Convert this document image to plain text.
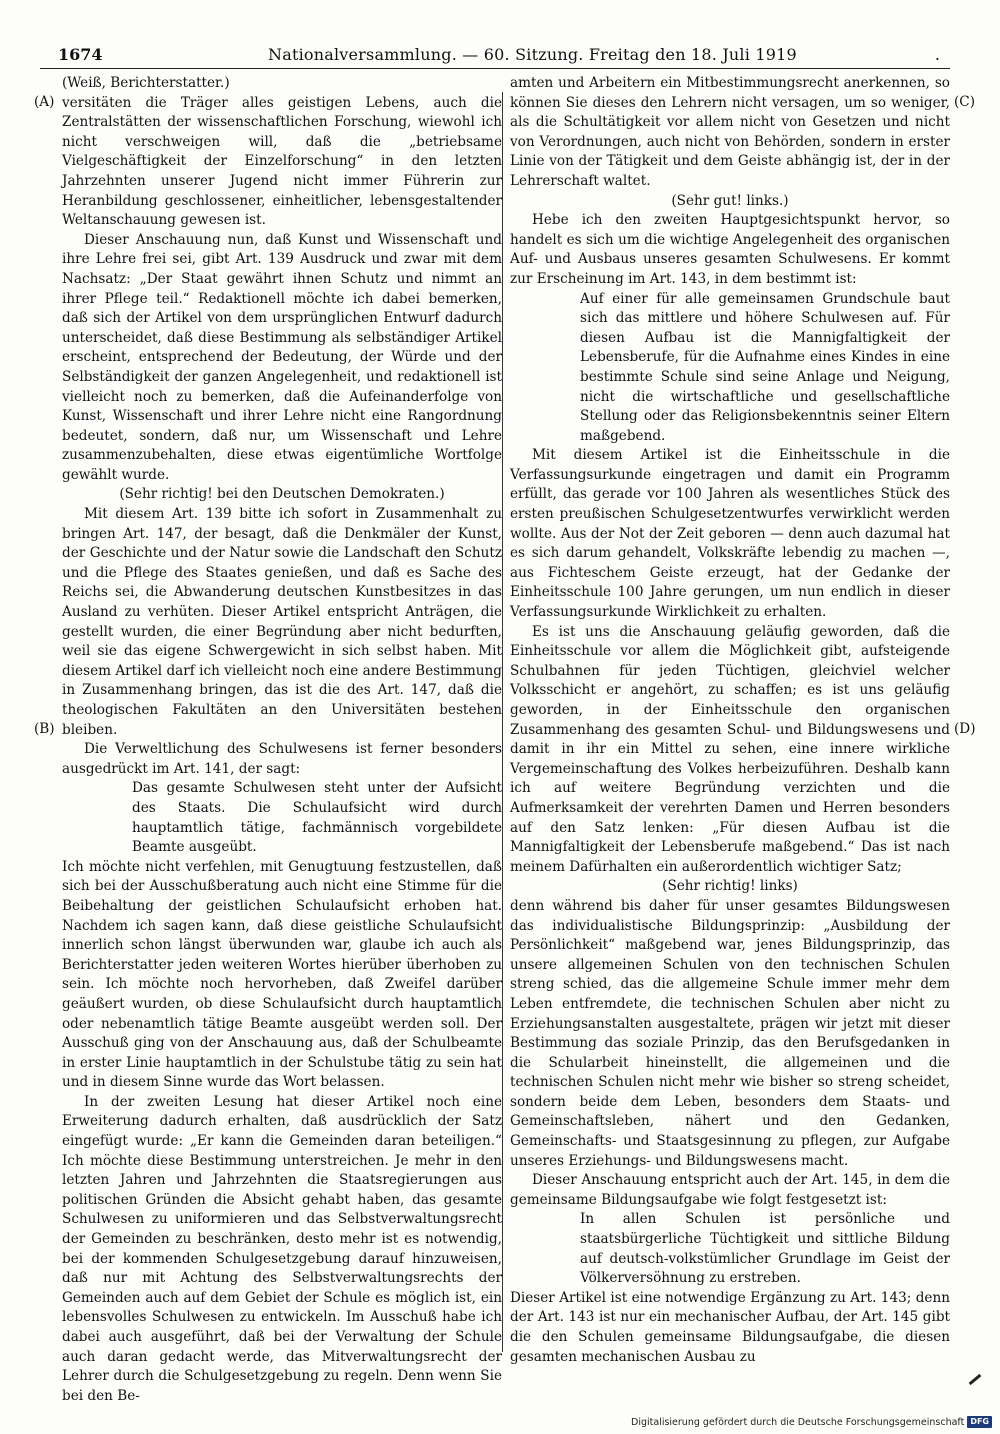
1674	Nationalversammlung. — 60. Sitzung. Freitag den 18. Juli 1919	.
(A)
(B)
(C)
(D)

(Weiß, Berichterstatter.)

versitäten die Träger alles geistigen Lebens, auch die Zentralstätten der wissenschaftlichen Forschung, wiewohl ich nicht verschweigen will, daß die „betriebsame Vielgeschäftigkeit der Einzelforschung“ in den letzten Jahrzehnten unserer Jugend nicht immer Führerin zur Heranbildung geschlossener, einheitlicher, lebensgestaltender Weltanschauung gewesen ist.

Dieser Anschauung nun, daß Kunst und Wissenschaft und ihre Lehre frei sei, gibt Art. 139 Ausdruck und zwar mit dem Nachsatz: „Der Staat gewährt ihnen Schutz und nimmt an ihrer Pflege teil.“ Redaktionell möchte ich dabei bemerken, daß sich der Artikel von dem ursprünglichen Entwurf dadurch unterscheidet, daß diese Bestimmung als selbständiger Artikel erscheint, entsprechend der Bedeutung, der Würde und der Selbständigkeit der ganzen Angelegenheit, und redaktionell ist vielleicht noch zu bemerken, daß die Aufeinanderfolge von Kunst, Wissenschaft und ihrer Lehre nicht eine Rangordnung bedeutet, sondern, daß nur, um Wissenschaft und Lehre zusammenzubehalten, diese etwas eigentümliche Wortfolge gewählt wurde.

(Sehr richtig! bei den Deutschen Demokraten.)

Mit diesem Art. 139 bitte ich sofort in Zusammenhalt zu bringen Art. 147, der besagt, daß die Denkmäler der Kunst, der Geschichte und der Natur sowie die Landschaft den Schutz und die Pflege des Staates genießen, und daß es Sache des Reichs sei, die Abwanderung deutschen Kunstbesitzes in das Ausland zu verhüten. Dieser Artikel entspricht Anträgen, die gestellt wurden, die einer Begründung aber nicht bedurften, weil sie das eigene Schwergewicht in sich selbst haben. Mit diesem Artikel darf ich vielleicht noch eine andere Bestimmung in Zusammenhang bringen, das ist die des Art. 147, daß die theologischen Fakultäten an den Universitäten bestehen bleiben.

Die Verweltlichung des Schulwesens ist ferner besonders ausgedrückt im Art. 141, der sagt:

Das gesamte Schulwesen steht unter der Aufsicht des Staats. Die Schulaufsicht wird durch hauptamtlich tätige, fachmännisch vorgebildete Beamte ausgeübt.

Ich möchte nicht verfehlen, mit Genugtuung festzustellen, daß sich bei der Ausschußberatung auch nicht eine Stimme für die Beibehaltung der geistlichen Schulaufsicht erhoben hat. Nachdem ich sagen kann, daß diese geistliche Schulaufsicht innerlich schon längst überwunden war, glaube ich auch als Berichterstatter jeden weiteren Wortes hierüber überhoben zu sein. Ich möchte noch hervorheben, daß Zweifel darüber geäußert wurden, ob diese Schulaufsicht durch hauptamtlich oder nebenamtlich tätige Beamte ausgeübt werden soll. Der Ausschuß ging von der Anschauung aus, daß der Schulbeamte in erster Linie hauptamtlich in der Schulstube tätig zu sein hat und in diesem Sinne wurde das Wort belassen.

In der zweiten Lesung hat dieser Artikel noch eine Erweiterung dadurch erhalten, daß ausdrücklich der Satz eingefügt wurde: „Er kann die Gemeinden daran beteiligen.“ Ich möchte diese Bestimmung unterstreichen. Je mehr in den letzten Jahren und Jahrzehnten die Staatsregierungen aus politischen Gründen die Absicht gehabt haben, das gesamte Schulwesen zu uniformieren und das Selbstverwaltungsrecht der Gemeinden zu beschränken, desto mehr ist es notwendig, bei der kommenden Schulgesetzgebung darauf hinzuweisen, daß nur mit Achtung des Selbstverwaltungsrechts der Gemeinden auch auf dem Gebiet der Schule es möglich ist, ein lebensvolles Schulwesen zu entwickeln. Im Ausschuß habe ich dabei auch ausgeführt, daß bei der Verwaltung der Schule auch daran gedacht werde, das Mitverwaltungsrecht der Lehrer durch die Schulgesetzgebung zu regeln. Denn wenn Sie bei den Be-

amten und Arbeitern ein Mitbestimmungsrecht anerkennen, so können Sie dieses den Lehrern nicht versagen, um so weniger, als die Schultätigkeit vor allem nicht von Gesetzen und nicht von Verordnungen, auch nicht von Behörden, sondern in erster Linie von der Tätigkeit und dem Geiste abhängig ist, der in der Lehrerschaft waltet.

(Sehr gut! links.)

Hebe ich den zweiten Hauptgesichtspunkt hervor, so handelt es sich um die wichtige Angelegenheit des organischen Auf- und Ausbaus unseres gesamten Schulwesens. Er kommt zur Erscheinung im Art. 143, in dem bestimmt ist:

Auf einer für alle gemeinsamen Grundschule baut sich das mittlere und höhere Schulwesen auf. Für diesen Aufbau ist die Mannigfaltigkeit der Lebensberufe, für die Aufnahme eines Kindes in eine bestimmte Schule sind seine Anlage und Neigung, nicht die wirtschaftliche und gesellschaftliche Stellung oder das Religionsbekenntnis seiner Eltern maßgebend.

Mit diesem Artikel ist die Einheitsschule in die Verfassungsurkunde eingetragen und damit ein Programm erfüllt, das gerade vor 100 Jahren als wesentliches Stück des ersten preußischen Schulgesetzentwurfes verwirklicht werden wollte. Aus der Not der Zeit geboren — denn auch dazumal hat es sich darum gehandelt, Volkskräfte lebendig zu machen —, aus Fichteschem Geiste erzeugt, hat der Gedanke der Einheitsschule 100 Jahre gerungen, um nun endlich in dieser Verfassungsurkunde Wirklichkeit zu erhalten.

Es ist uns die Anschauung geläufig geworden, daß die Einheitsschule vor allem die Möglichkeit gibt, aufsteigende Schulbahnen für jeden Tüchtigen, gleichviel welcher Volksschicht er angehört, zu schaffen; es ist uns geläufig geworden, in der Einheitsschule den organischen Zusammenhang des gesamten Schul- und Bildungswesens und damit in ihr ein Mittel zu sehen, eine innere wirkliche Vergemeinschaftung des Volkes herbeizuführen. Deshalb kann ich auf weitere Begründung verzichten und die Aufmerksamkeit der verehrten Damen und Herren besonders auf den Satz lenken: „Für diesen Aufbau ist die Mannigfaltigkeit der Lebensberufe maßgebend.“ Das ist nach meinem Dafürhalten ein außerordentlich wichtiger Satz;

(Sehr richtig! links)

denn während bis daher für unser gesamtes Bildungswesen das individualistische Bildungsprinzip: „Ausbildung der Persönlichkeit“ maßgebend war, jenes Bildungsprinzip, das unsere allgemeinen Schulen von den technischen Schulen streng schied, das die allgemeine Schule immer mehr dem Leben entfremdete, die technischen Schulen aber nicht zu Erziehungsanstalten ausgestaltete, prägen wir jetzt mit dieser Bestimmung das soziale Prinzip, das den Berufsgedanken in die Schularbeit hineinstellt, die allgemeinen und die technischen Schulen nicht mehr wie bisher so streng scheidet, sondern beide dem Leben, besonders dem Staats- und Gemeinschaftsleben, nähert und den Gedanken, Gemeinschafts- und Staatsgesinnung zu pflegen, zur Aufgabe unseres Erziehungs- und Bildungswesens macht.

Dieser Anschauung entspricht auch der Art. 145, in dem die gemeinsame Bildungsaufgabe wie folgt festgesetzt ist:

In allen Schulen ist persönliche und staatsbürgerliche Tüchtigkeit und sittliche Bildung auf deutsch-volkstümlicher Grundlage im Geist der Völkerversöhnung zu erstreben.

Dieser Artikel ist eine notwendige Ergänzung zu Art. 143; denn der Art. 143 ist nur ein mechanischer Aufbau, der Art. 145 gibt die den Schulen gemeinsame Bildungsaufgabe, die diesen gesamten mechanischen Ausbau zu

Digitalisierung gefördert durch die Deutsche Forschungsgemeinschaft DFG
